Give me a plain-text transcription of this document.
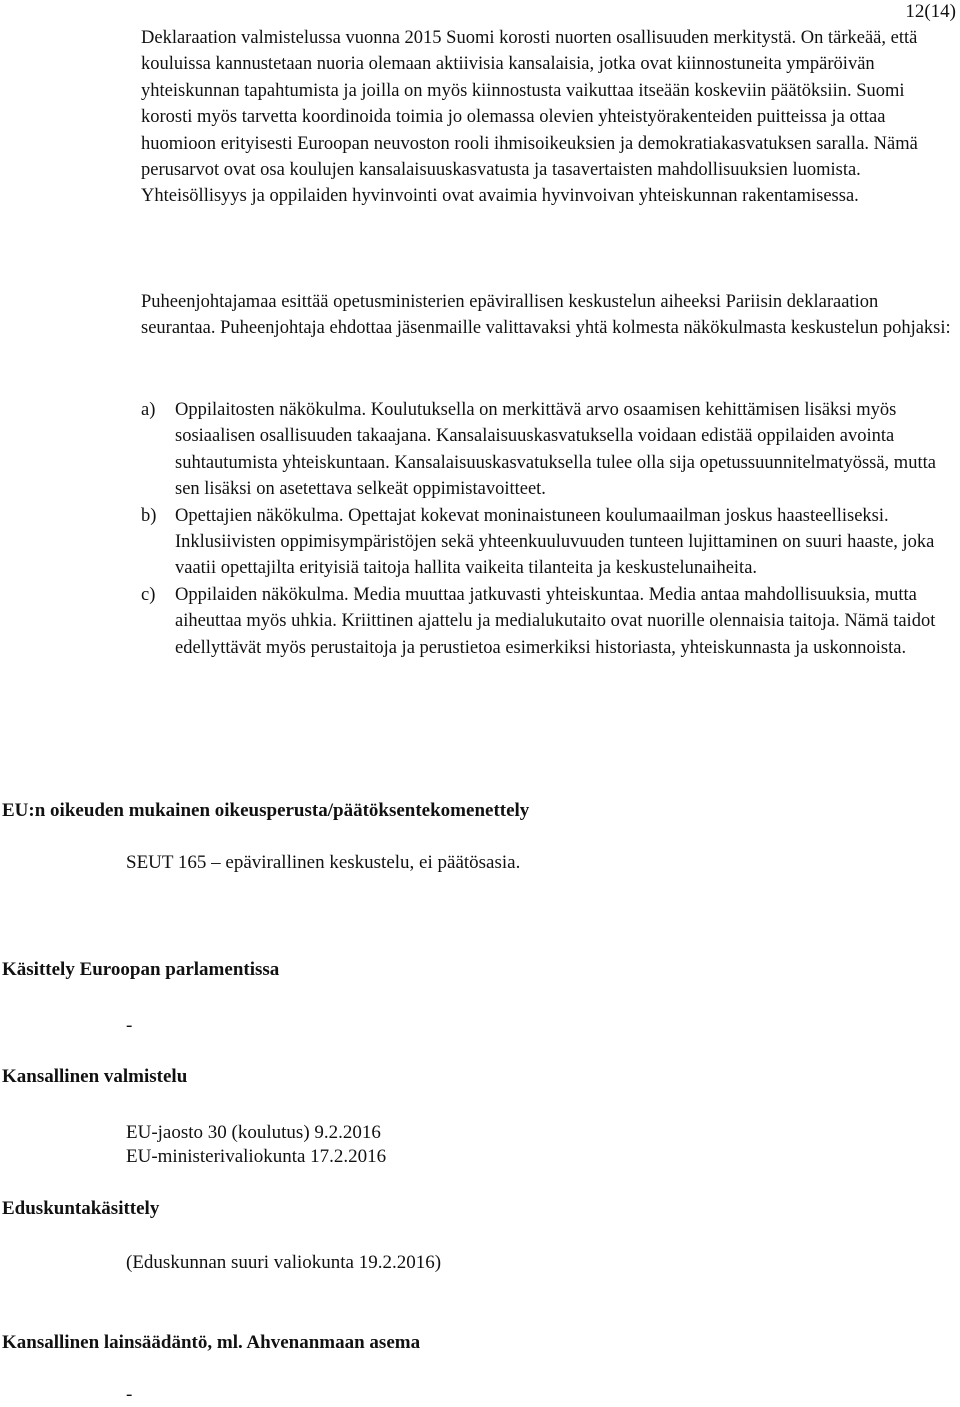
12(14)

Deklaraation valmistelussa vuonna 2015 Suomi korosti nuorten osallisuuden merkitystä. On tärkeää, että kouluissa kannustetaan nuoria olemaan aktiivisia kansalaisia, jotka ovat kiinnostuneita ympäröivän yhteiskunnan tapahtumista ja joilla on myös kiinnostusta vaikuttaa itseään koskeviin päätöksiin. Suomi korosti myös tarvetta koordinoida toimia jo olemassa olevien yhteistyörakenteiden puitteissa ja ottaa huomioon erityisesti Euroopan neuvoston rooli ihmisoikeuksien ja demokratiakasvatuksen saralla. Nämä perusarvot ovat osa koulujen kansalaisuuskasvatusta ja tasavertaisten mahdollisuuksien luomista. Yhteisöllisyys ja oppilaiden hyvinvointi ovat avaimia hyvinvoivan yhteiskunnan rakentamisessa.

Puheenjohtajamaa esittää opetusministerien epävirallisen keskustelun aiheeksi Pariisin deklaraation seurantaa. Puheenjohtaja ehdottaa jäsenmaille valittavaksi yhtä kolmesta näkökulmasta keskustelun pohjaksi:

a)	Oppilaitosten näkökulma. Koulutuksella on merkittävä arvo osaamisen kehittämisen lisäksi myös sosiaalisen osallisuuden takaajana. Kansalaisuuskasvatuksella voidaan edistää oppilaiden avointa suhtautumista yhteiskuntaan. Kansalaisuuskasvatuksella tulee olla sija opetussuunnitelmatyössä, mutta sen lisäksi on asetettava selkeät oppimistavoitteet.
b)	Opettajien näkökulma. Opettajat kokevat moninaistuneen koulumaailman joskus haasteelliseksi. Inklusiivisten oppimisympäristöjen sekä yhteenkuuluvuuden tunteen lujittaminen on suuri haaste, joka vaatii opettajilta erityisiä taitoja hallita vaikeita tilanteita ja keskustelunaiheita.
c)	Oppilaiden näkökulma. Media muuttaa jatkuvasti yhteiskuntaa. Media antaa mahdollisuuksia, mutta aiheuttaa myös uhkia. Kriittinen ajattelu ja medialukutaito ovat nuorille olennaisia taitoja. Nämä taidot edellyttävät myös perustaitoja ja perustietoa esimerkiksi historiasta, yhteiskunnasta ja uskonnoista.
EU:n oikeuden mukainen oikeusperusta/päätöksentekomenettely

SEUT 165 – epävirallinen keskustelu, ei päätösasia.

Käsittely Euroopan parlamentissa

-

Kansallinen valmistelu

EU-jaosto 30 (koulutus) 9.2.2016

EU-ministerivaliokunta 17.2.2016

Eduskuntakäsittely

(Eduskunnan suuri valiokunta 19.2.2016)

Kansallinen lainsäädäntö, ml. Ahvenanmaan asema

-
